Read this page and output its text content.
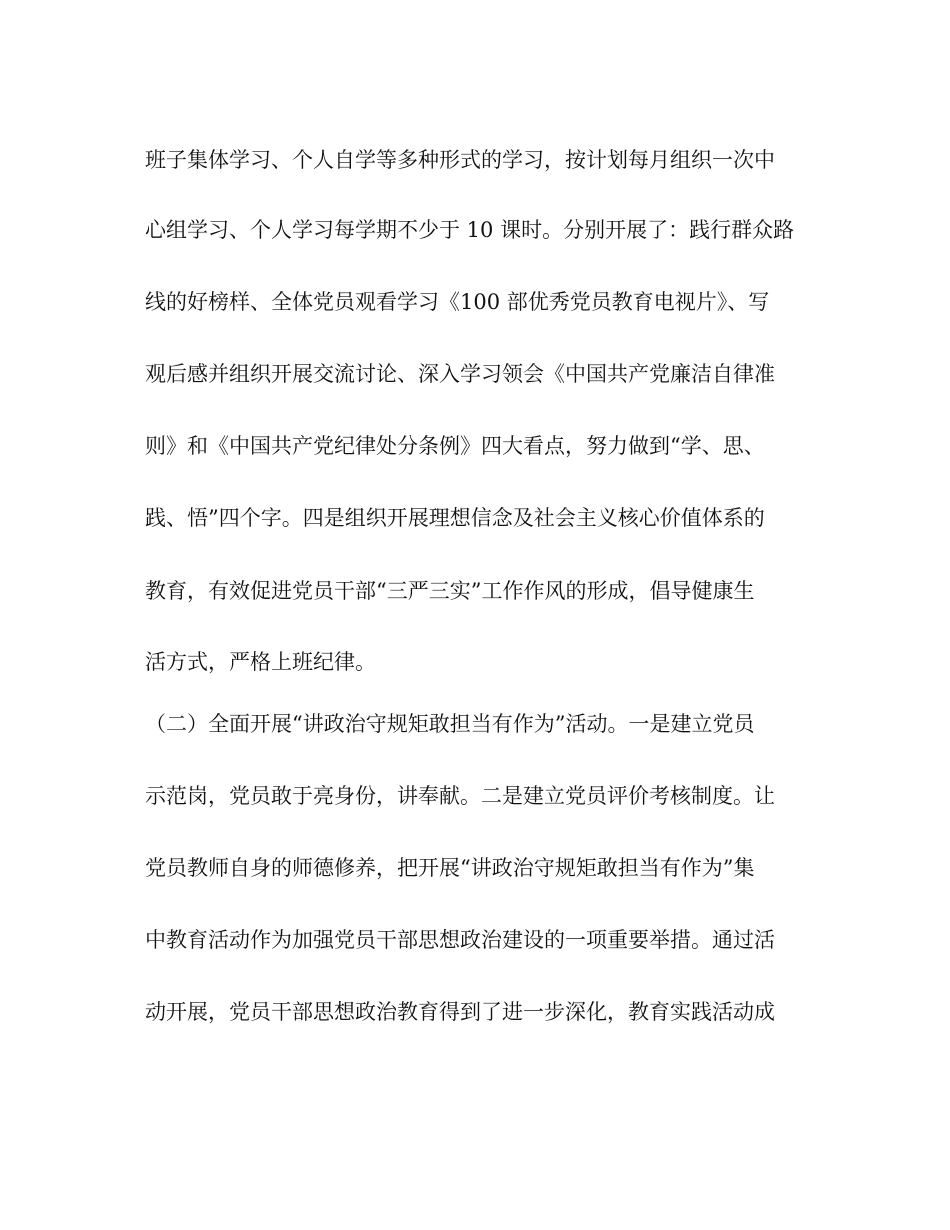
班子集体学习、个人自学等多种形式的学习，按计划每月组织一次中
心组学习、个人学习每学期不少于 10 课时。分别开展了：践行群众路
线的好榜样、全体党员观看学习《100 部优秀党员教育电视片》、写
观后感并组织开展交流讨论、深入学习领会《中国共产党廉洁自律准
则》和《中国共产党纪律处分条例》四大看点，努力做到“学、思、
践、悟”四个字。四是组织开展理想信念及社会主义核心价值体系的
教育，有效促进党员干部“三严三实”工作作风的形成，倡导健康生
活方式，严格上班纪律。
（二）全面开展“讲政治守规矩敢担当有作为”活动。一是建立党员
示范岗，党员敢于亮身份，讲奉献。二是建立党员评价考核制度。让
党员教师自身的师德修养，把开展“讲政治守规矩敢担当有作为”集
中教育活动作为加强党员干部思想政治建设的一项重要举措。通过活
动开展，党员干部思想政治教育得到了进一步深化，教育实践活动成
